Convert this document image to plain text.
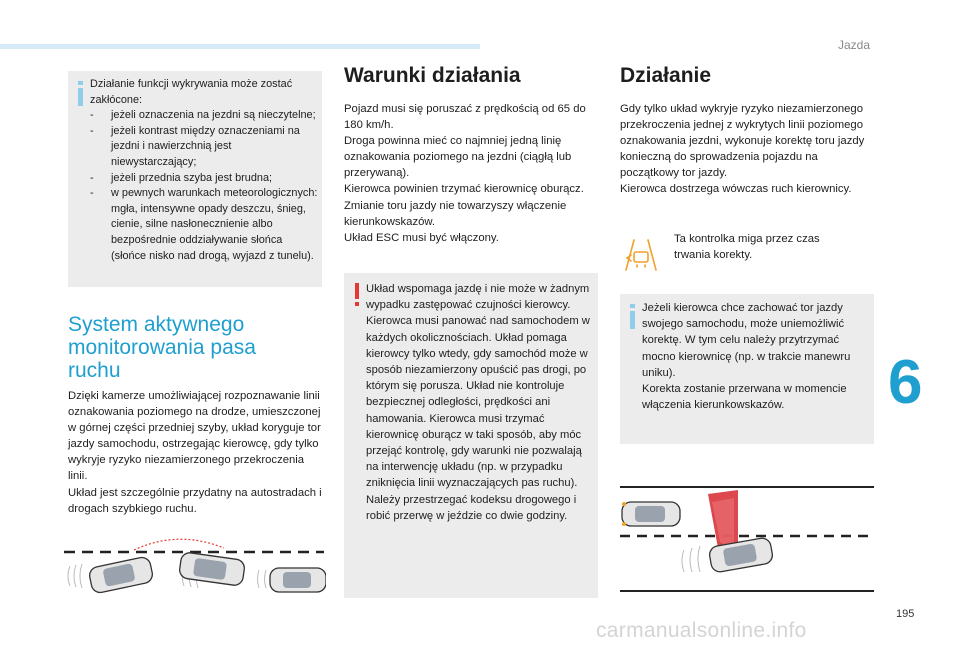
Jazda
6
195
carmanualsonline.info
Działanie funkcji wykrywania może zostać zakłócone:
- jeżeli oznaczenia na jezdni są nieczytelne;
- jeżeli kontrast między oznaczeniami na jezdni i nawierzchnią jest niewystarczający;
- jeżeli przednia szyba jest brudna;
- w pewnych warunkach meteorologicznych: mgła, intensywne opady deszczu, śnieg, cienie, silne nasłonecznienie albo bezpośrednie oddziaływanie słońca (słońce nisko nad drogą, wyjazd z tunelu).
System aktywnego
monitorowania pasa
ruchu

Dzięki kamerze umożliwiającej rozpoznawanie linii oznakowania poziomego na drodze, umieszczonej w górnej części przedniej szyby, układ koryguje tor jazdy samochodu, ostrzegając kierowcę, gdy tylko wykryje ryzyko niezamierzonego przekroczenia linii.

Układ jest szczególnie przydatny na autostradach i drogach szybkiego ruchu.

Warunki działania

Pojazd musi się poruszać z prędkością od 65 do 180 km/h.

Droga powinna mieć co najmniej jedną linię oznakowania poziomego na jezdni (ciągłą lub przerywaną).

Kierowca powinien trzymać kierownicę oburącz.

Zmianie toru jazdy nie towarzyszy włączenie kierunkowskazów.

Układ ESC musi być włączony.

Układ wspomaga jazdę i nie może w żadnym wypadku zastępować czujności kierowcy. Kierowca musi panować nad samochodem w każdych okolicznościach. Układ pomaga kierowcy tylko wtedy, gdy samochód może w sposób niezamierzony opuścić pas drogi, po którym się porusza. Układ nie kontroluje bezpiecznej odległości, prędkości ani hamowania. Kierowca musi trzymać kierownicę oburącz w taki sposób, aby móc przejąć kontrolę, gdy warunki nie pozwalają na interwencję układu (np. w przypadku zniknięcia linii wyznaczających pas ruchu).

Należy przestrzegać kodeksu drogowego i robić przerwę w jeździe co dwie godziny.

Działanie

Gdy tylko układ wykryje ryzyko niezamierzonego przekroczenia jednej z wykrytych linii poziomego oznakowania jezdni, wykonuje korektę toru jazdy konieczną do sprowadzenia pojazdu na początkowy tor jazdy.

Kierowca dostrzega wówczas ruch kierownicy.

Ta kontrolka miga przez czas trwania korekty.

Jeżeli kierowca chce zachować tor jazdy swojego samochodu, może uniemożliwić korektę. W tym celu należy przytrzymać mocno kierownicę (np. w trakcie manewru uniku).

Korekta zostanie przerwana w momencie włączenia kierunkowskazów.
